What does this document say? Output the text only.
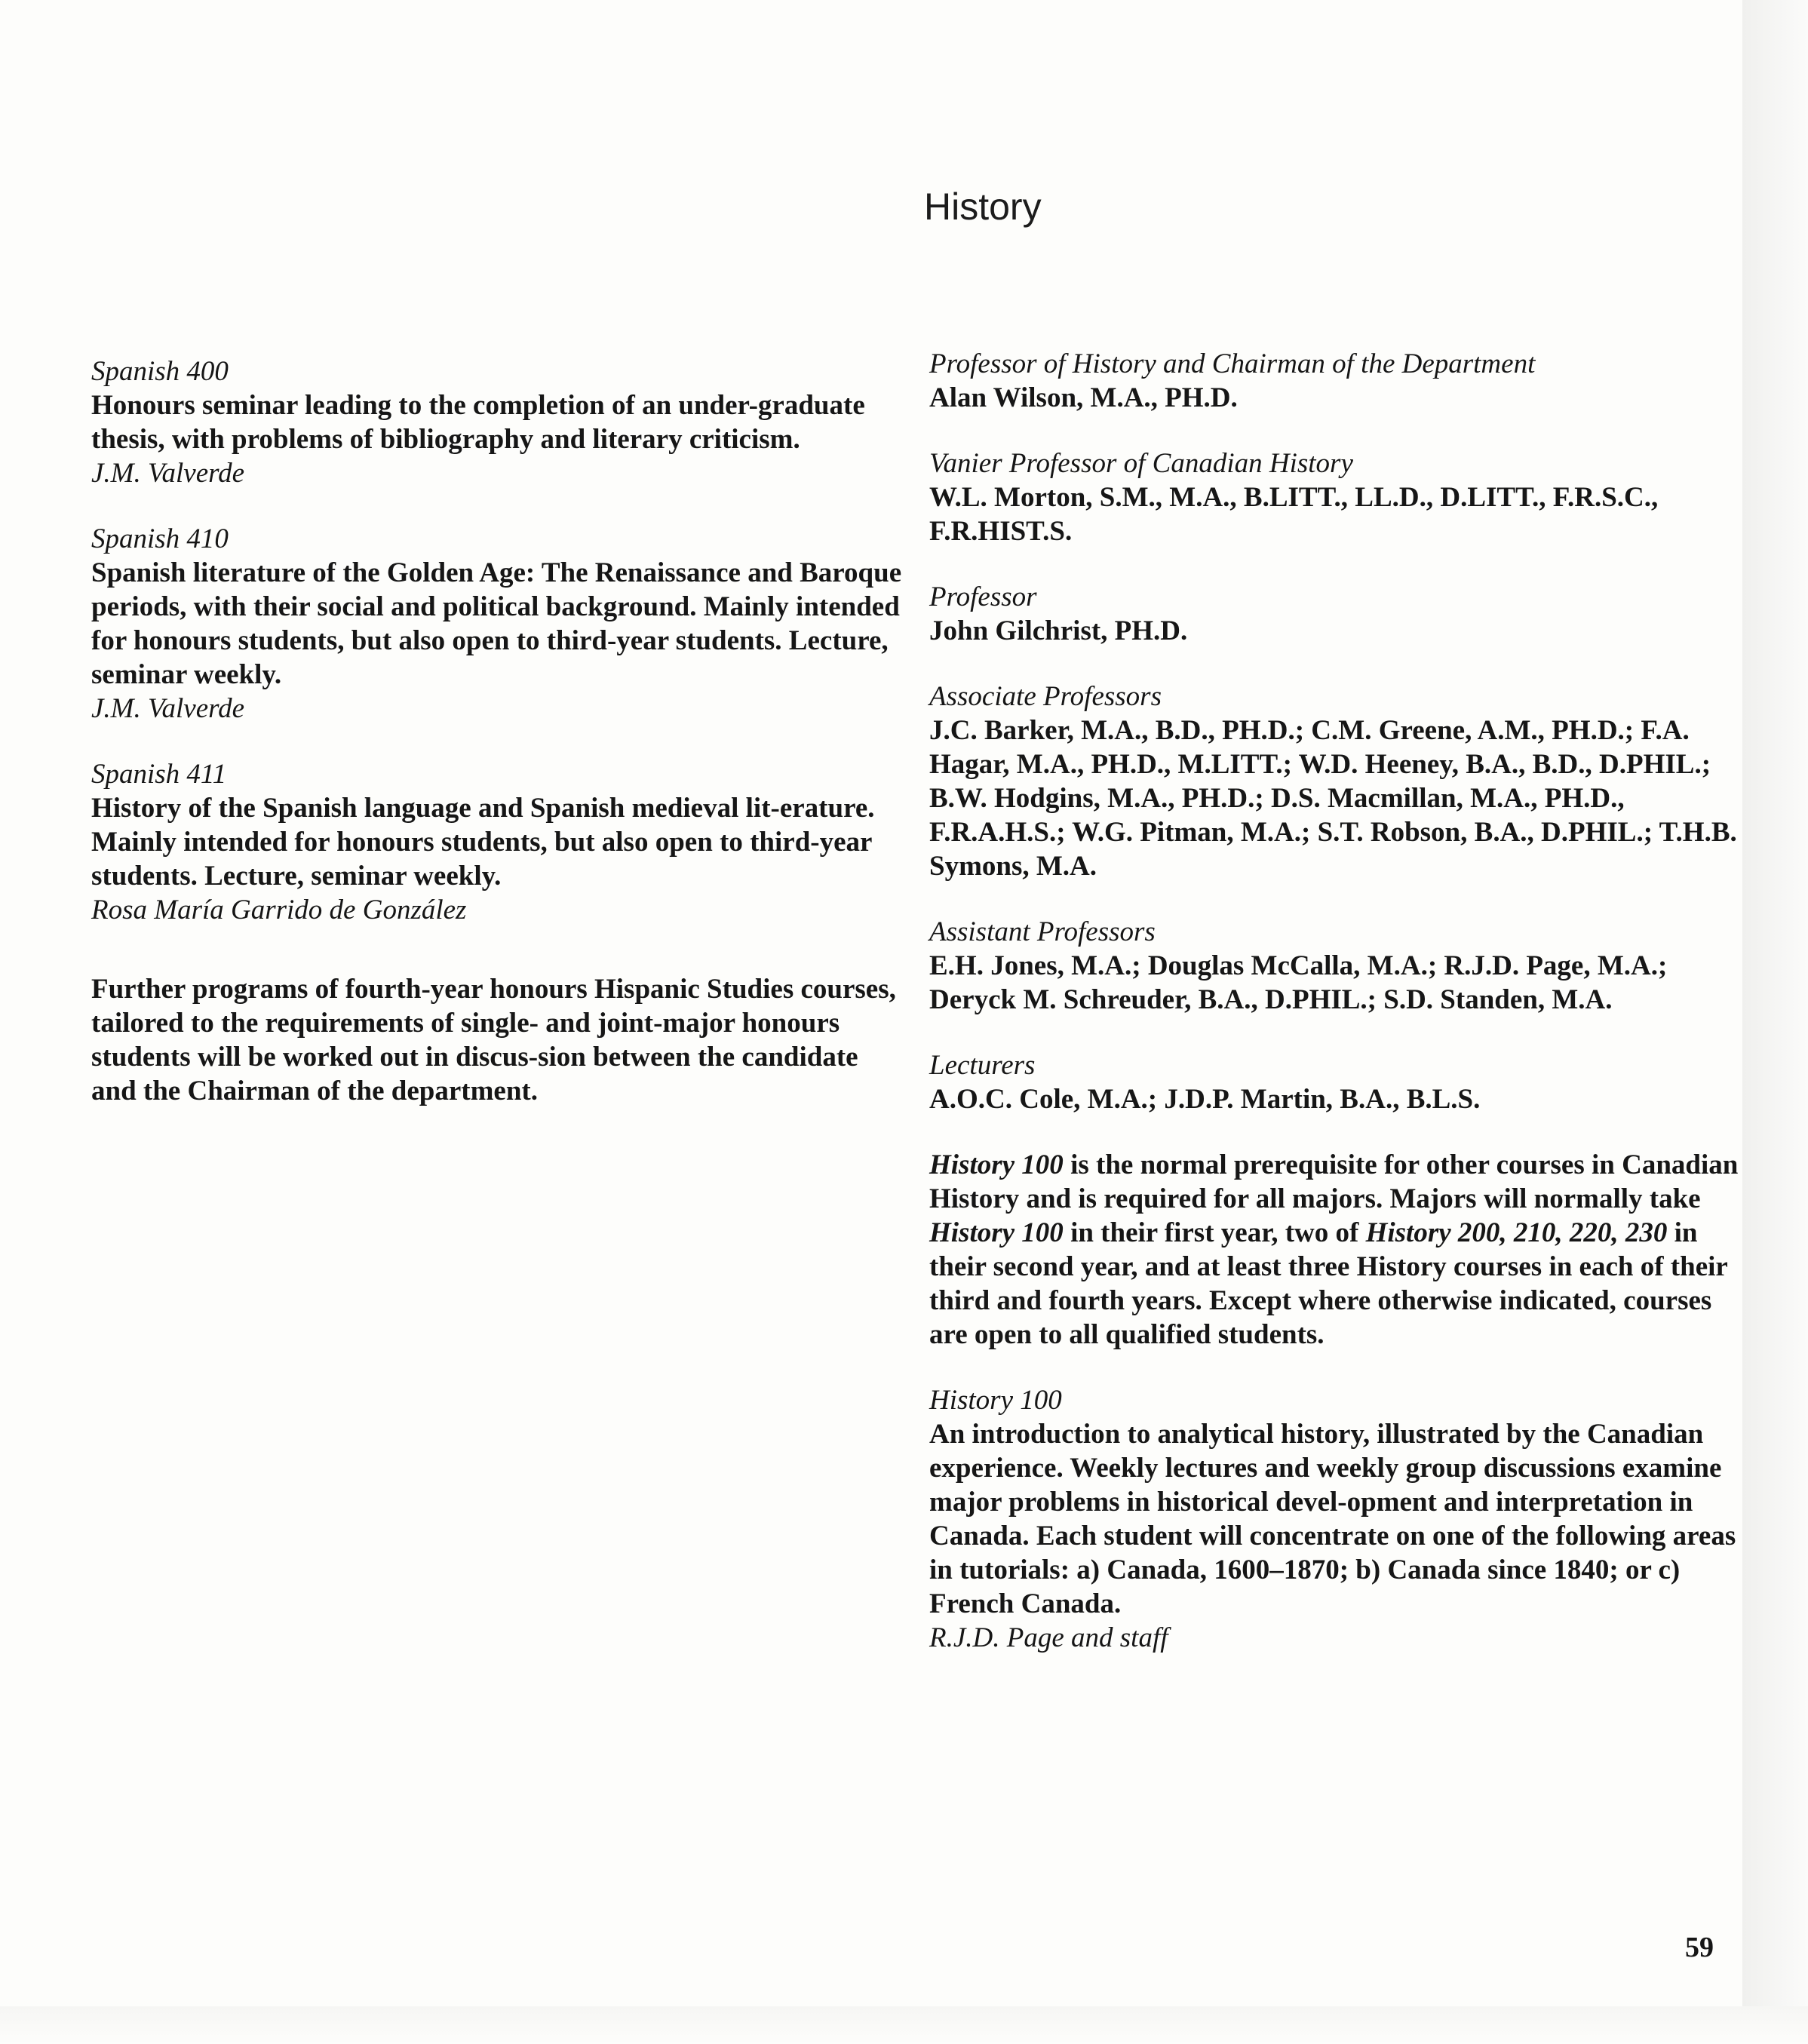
History

Spanish 400

Honours seminar leading to the completion of an under-graduate thesis, with problems of bibliography and literary criticism.

J.M. Valverde

Spanish 410

Spanish literature of the Golden Age: The Renaissance and Baroque periods, with their social and political background. Mainly intended for honours students, but also open to third-year students. Lecture, seminar weekly.

J.M. Valverde

Spanish 411

History of the Spanish language and Spanish medieval lit-erature. Mainly intended for honours students, but also open to third-year students. Lecture, seminar weekly.

Rosa María Garrido de González

Further programs of fourth-year honours Hispanic Studies courses, tailored to the requirements of single- and joint-major honours students will be worked out in discus-sion between the candidate and the Chairman of the department.

Professor of History and Chairman of the Department

Alan Wilson, M.A., PH.D.

Vanier Professor of Canadian History

W.L. Morton, S.M., M.A., B.LITT., LL.D., D.LITT., F.R.S.C., F.R.HIST.S.

Professor

John Gilchrist, PH.D.

Associate Professors

J.C. Barker, M.A., B.D., PH.D.; C.M. Greene, A.M., PH.D.; F.A. Hagar, M.A., PH.D., M.LITT.; W.D. Heeney, B.A., B.D., D.PHIL.; B.W. Hodgins, M.A., PH.D.; D.S. Macmillan, M.A., PH.D., F.R.A.H.S.; W.G. Pitman, M.A.; S.T. Robson, B.A., D.PHIL.; T.H.B. Symons, M.A.

Assistant Professors

E.H. Jones, M.A.; Douglas McCalla, M.A.; R.J.D. Page, M.A.; Deryck M. Schreuder, B.A., D.PHIL.; S.D. Standen, M.A.

Lecturers

A.O.C. Cole, M.A.; J.D.P. Martin, B.A., B.L.S.

History 100 is the normal prerequisite for other courses in Canadian History and is required for all majors. Majors will normally take History 100 in their first year, two of History 200, 210, 220, 230 in their second year, and at least three History courses in each of their third and fourth years. Except where otherwise indicated, courses are open to all qualified students.

History 100

An introduction to analytical history, illustrated by the Canadian experience. Weekly lectures and weekly group discussions examine major problems in historical devel-opment and interpretation in Canada. Each student will concentrate on one of the following areas in tutorials: a) Canada, 1600–1870; b) Canada since 1840; or c) French Canada.

R.J.D. Page and staff

59
